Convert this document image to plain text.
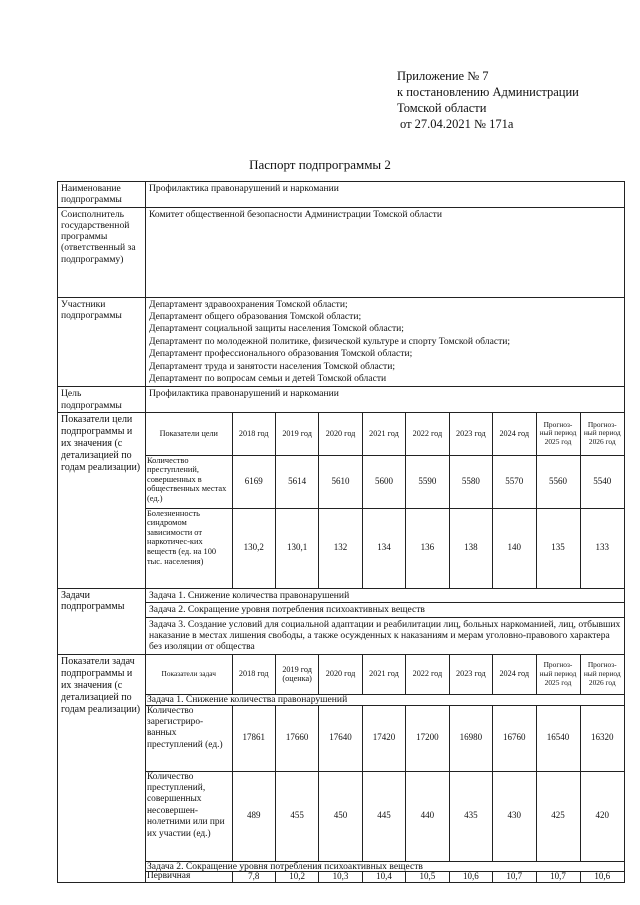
Приложение № 7
к постановлению Администрации
Томской области
от 27.04.2021 № 171а
Паспорт подпрограммы 2
Наименование подпрограммы	Профилактика правонарушений и наркомании
Соисполнитель государственной программы (ответственный за подпрограмму)	Комитет общественной безопасности Администрации Томской области
Участники подпрограммы	
Департамент здравоохранения Томской области;
Департамент общего образования Томской области;
Департамент социальной защиты населения Томской области;
Департамент по молодежной политике, физической культуре и спорту Томской области;
Департамент профессионального образования Томской области;
Департамент труда и занятости населения Томской области;
Департамент по вопросам семьи и детей Томской области

Цель подпрограммы	Профилактика правонарушений и наркомании
Показатели цели подпрограммы и их значения (с детализацией по годам реализации)	
Показатели цели	2018 год	2019 год	2020 год	2021 год	2022 год	2023 год	2024 год	Прогноз-ный период 2025 год	Прогноз-ный период 2026 год
Количество преступлений, совершенных в общественных местах (ед.)	6169	5614	5610	5600	5590	5580	5570	5560	5540
Болезненность синдромом зависимости от наркотичес-ких веществ (ед. на 100 тыс. населения)	130,2	130,1	132	134	136	138	140	135	133

Задачи подпрограммы	
Задача 1. Снижение количества правонарушений
Задача 2. Сокращение уровня потребления психоактивных веществ
Задача 3. Создание условий для социальной адаптации и реабилитации лиц, больных наркоманией, лиц, отбывших наказание в местах лишения свободы, а также осужденных к наказаниям и мерам уголовно-правового характера без изоляции от общества

Показатели задач подпрограммы и их значения (с детализацией по годам реализации)	
Показатели задач	2018 год	2019 год (оценка)	2020 год	2021 год	2022 год	2023 год	2024 год	Прогноз-ный период 2025 год	Прогноз-ный период 2026 год
Задача 1. Снижение количества правонарушений
Количество зарегистриро-ванных преступлений (ед.)	17861	17660	17640	17420	17200	16980	16760	16540	16320
Количество преступлений, совершенных несовершен-нолетними или при их участии (ед.)	489	455	450	445	440	435	430	425	420
Задача 2. Сокращение уровня потребления психоактивных веществ
Первичная	7,8	10,2	10,3	10,4	10,5	10,6	10,7	10,7	10,6
